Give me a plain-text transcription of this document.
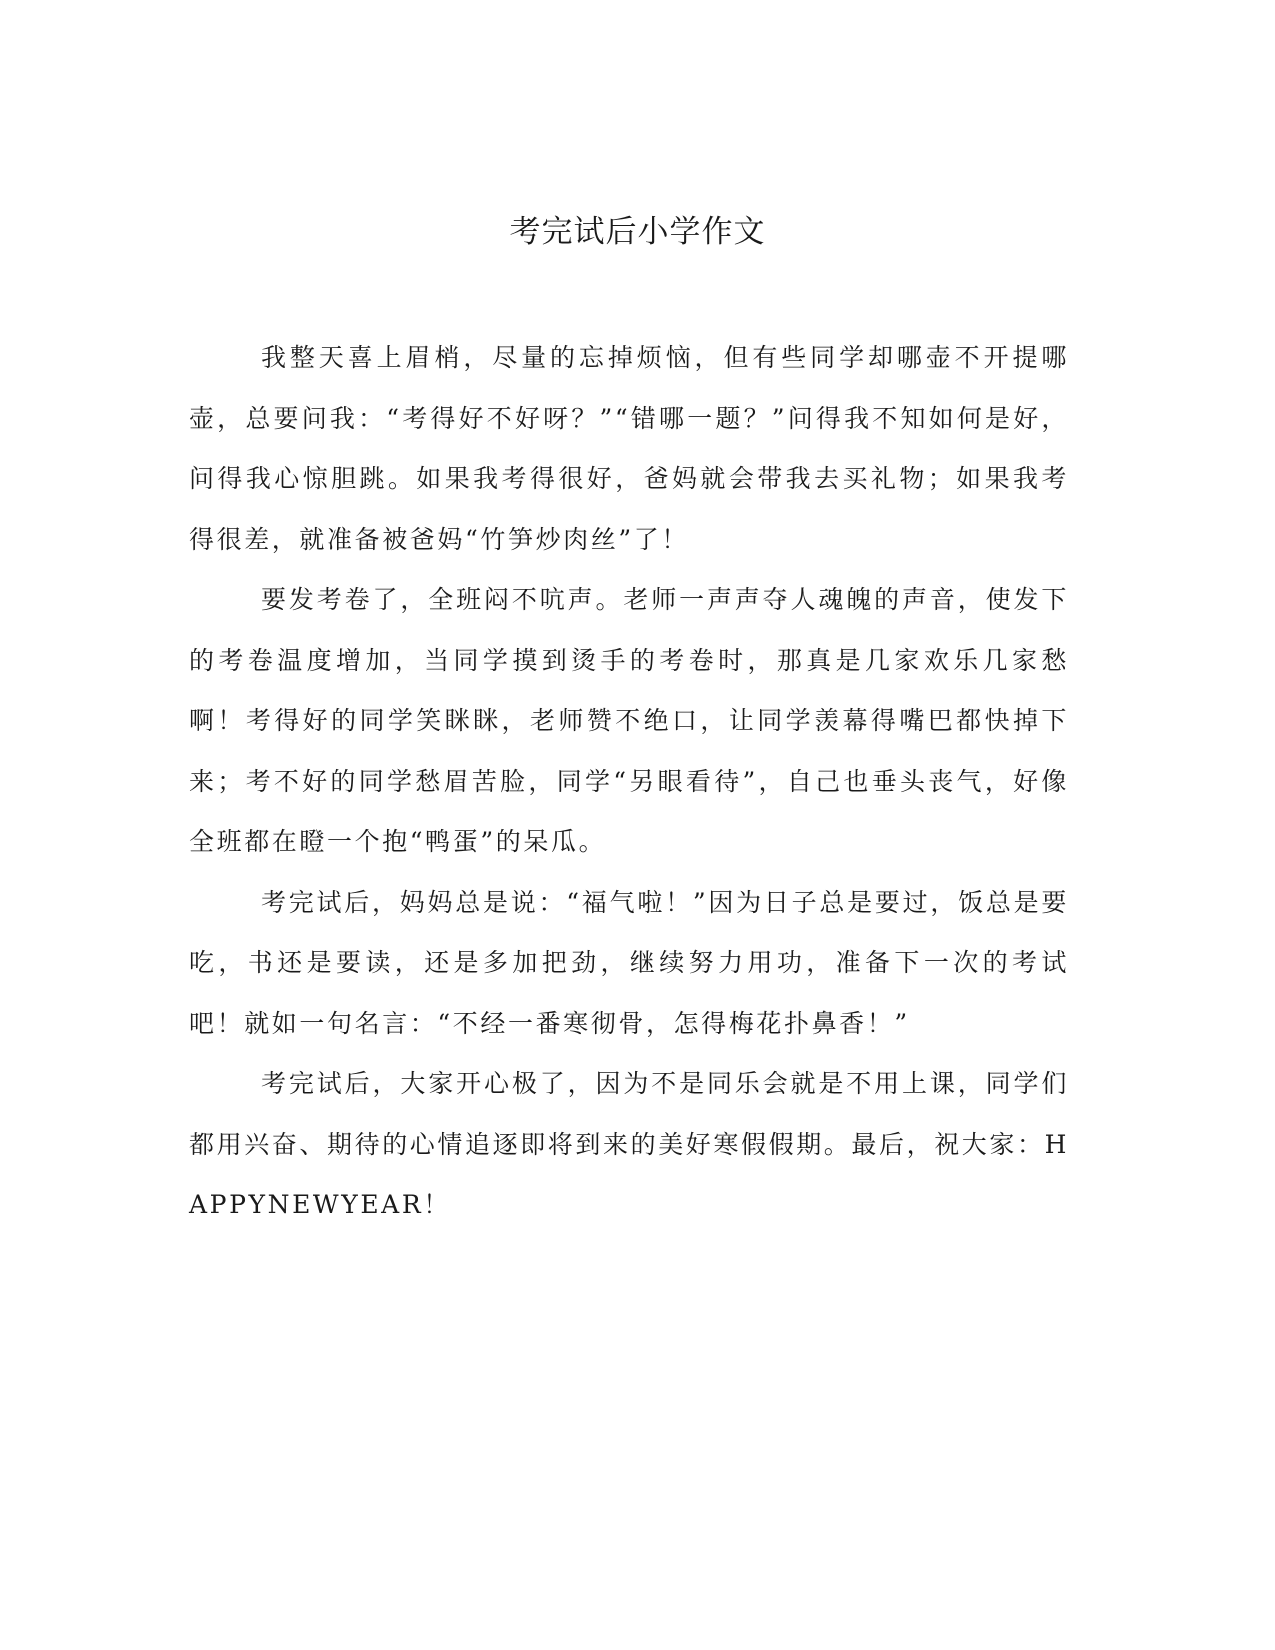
考完试后小学作文

我整天喜上眉梢，尽量的忘掉烦恼，但有些同学却哪壶不开提哪壶，总要问我：“考得好不好呀？”“错哪一题？”问得我不知如何是好，问得我心惊胆跳。如果我考得很好，爸妈就会带我去买礼物；如果我考得很差，就准备被爸妈“竹笋炒肉丝”了！

要发考卷了，全班闷不吭声。老师一声声夺人魂魄的声音，使发下的考卷温度增加，当同学摸到烫手的考卷时，那真是几家欢乐几家愁啊！考得好的同学笑眯眯，老师赞不绝口，让同学羡幕得嘴巴都快掉下来；考不好的同学愁眉苦脸，同学“另眼看待”，自己也垂头丧气，好像全班都在瞪一个抱“鸭蛋”的呆瓜。

考完试后，妈妈总是说：“福气啦！”因为日子总是要过，饭总是要吃，书还是要读，还是多加把劲，继续努力用功，准备下一次的考试吧！就如一句名言：“不经一番寒彻骨，怎得梅花扑鼻香！”

考完试后，大家开心极了，因为不是同乐会就是不用上课，同学们都用兴奋、期待的心情追逐即将到来的美好寒假假期。最后，祝大家：HAPPYNEWYEAR！
